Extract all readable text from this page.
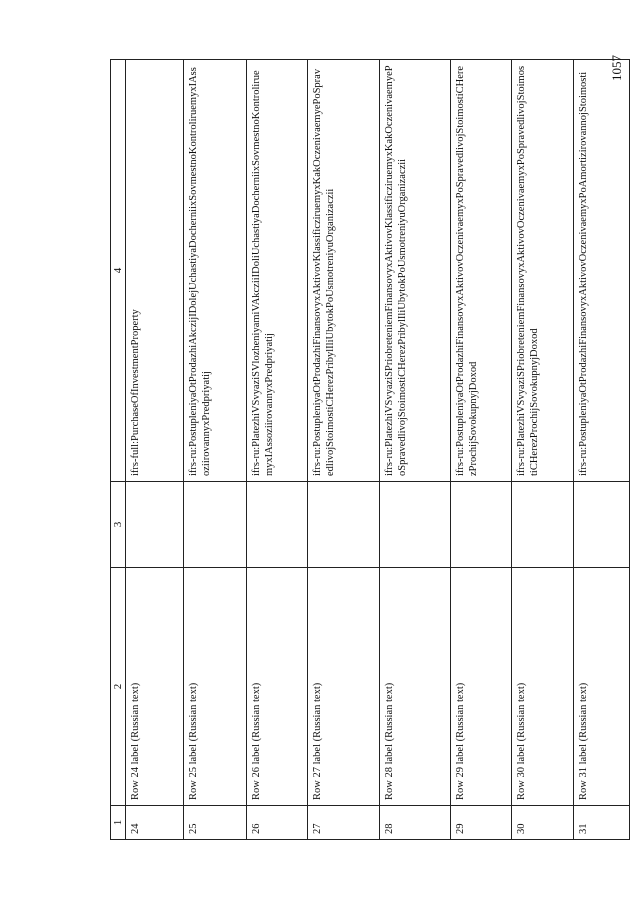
1	2	3	4
24	Row 24 label (Russian text)		ifrs-full:PurchaseOfInvestmentProperty
25	Row 25 label (Russian text)		ifrs-ru:PostupleniyaOtProdazhiAkczijIDolejUchastiyaDocherniixSovmestnoKontroliruemyxIAssoziirovannyxPredpriyatij
26	Row 26 label (Russian text)		ifrs-ru:PlatezhiVSvyaziSVlozheniyamiVAkcziiIDoliUchastiyaDocherniixSovmestnoKontroliruemyxIAssoziirovannyxPredpriyatij
27	Row 27 label (Russian text)		ifrs-ru:PostupleniyaOtProdazhiFinansovyxAktivovKlassificziruemyxKakOczenivaemyePoSpravedlivojStoimostiCHerezPribylIliUbytokPoUsmotreniyuOrganizaczii
28	Row 28 label (Russian text)		ifrs-ru:PlatezhiVSvyaziSPriobreteniemFinansovyxAktivovKlassificziruemyxKakOczenivaemyePoSpravedlivojStoimostiCHerezPribylIliUbytokPoUsmotreniyuOrganizaczii
29	Row 29 label (Russian text)		ifrs-ru:PostupleniyaOtProdazhiFinansovyxAktivovOczenivaemyxPoSpravedlivojStoimostiCHerezProchijSovokupnyjDoxod
30	Row 30 label (Russian text)		ifrs-ru:PlatezhiVSvyaziSPriobreteniemFinansovyxAktivovOczenivaemyxPoSpravedlivojStoimostiCHerezProchijSovokupnyjDoxod
31	Row 31 label (Russian text)		ifrs-ru:PostupleniyaOtProdazhiFinansovyxAktivovOczenivaemyxPoAmortizirovannojStoimosti
1057
